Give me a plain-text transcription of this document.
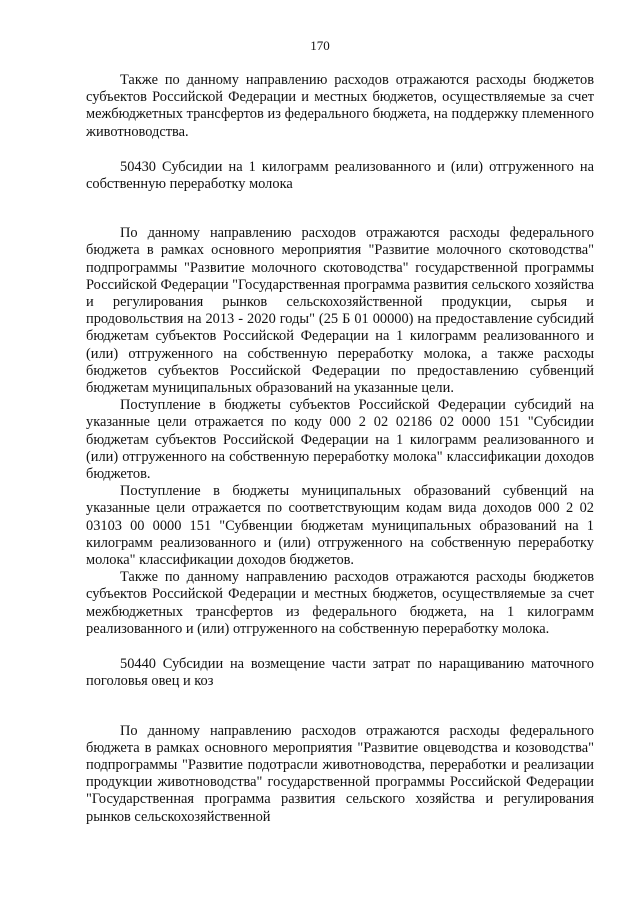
170

Также по данному направлению расходов отражаются расходы бюджетов субъектов Российской Федерации и местных бюджетов, осуществляемые за счет межбюджетных трансфертов из федерального бюджета, на поддержку племенного животноводства.

50430 Субсидии на 1 килограмм реализованного и (или) отгруженного на собственную переработку молока

По данному направлению расходов отражаются расходы федерального бюджета в рамках основного мероприятия "Развитие молочного скотоводства" подпрограммы "Развитие молочного скотоводства" государственной программы Российской Федерации "Государственная программа развития сельского хозяйства и регулирования рынков сельскохозяйственной продукции, сырья и продовольствия на 2013 - 2020 годы" (25 Б 01 00000) на предоставление субсидий бюджетам субъектов Российской Федерации на 1 килограмм реализованного и (или) отгруженного на собственную переработку молока, а также расходы бюджетов субъектов Российской Федерации по предоставлению субвенций бюджетам муниципальных образований на указанные цели.

Поступление в бюджеты субъектов Российской Федерации субсидий на указанные цели отражается по коду 000 2 02 02186 02 0000 151 "Субсидии бюджетам субъектов Российской Федерации на 1 килограмм реализованного и (или) отгруженного на собственную переработку молока" классификации доходов бюджетов.

Поступление в бюджеты муниципальных образований субвенций на указанные цели отражается по соответствующим кодам вида доходов 000 2 02 03103 00 0000 151 "Субвенции бюджетам муниципальных образований на 1 килограмм реализованного и (или) отгруженного на собственную переработку молока" классификации доходов бюджетов.

Также по данному направлению расходов отражаются расходы бюджетов субъектов Российской Федерации и местных бюджетов, осуществляемые за счет межбюджетных трансфертов из федерального бюджета, на 1 килограмм реализованного и (или) отгруженного на собственную переработку молока.

50440 Субсидии на возмещение части затрат по наращиванию маточного поголовья овец и коз

По данному направлению расходов отражаются расходы федерального бюджета в рамках основного мероприятия "Развитие овцеводства и козоводства" подпрограммы "Развитие подотрасли животноводства, переработки и реализации продукции животноводства" государственной программы Российской Федерации "Государственная программа развития сельского хозяйства и регулирования рынков сельскохозяйственной
